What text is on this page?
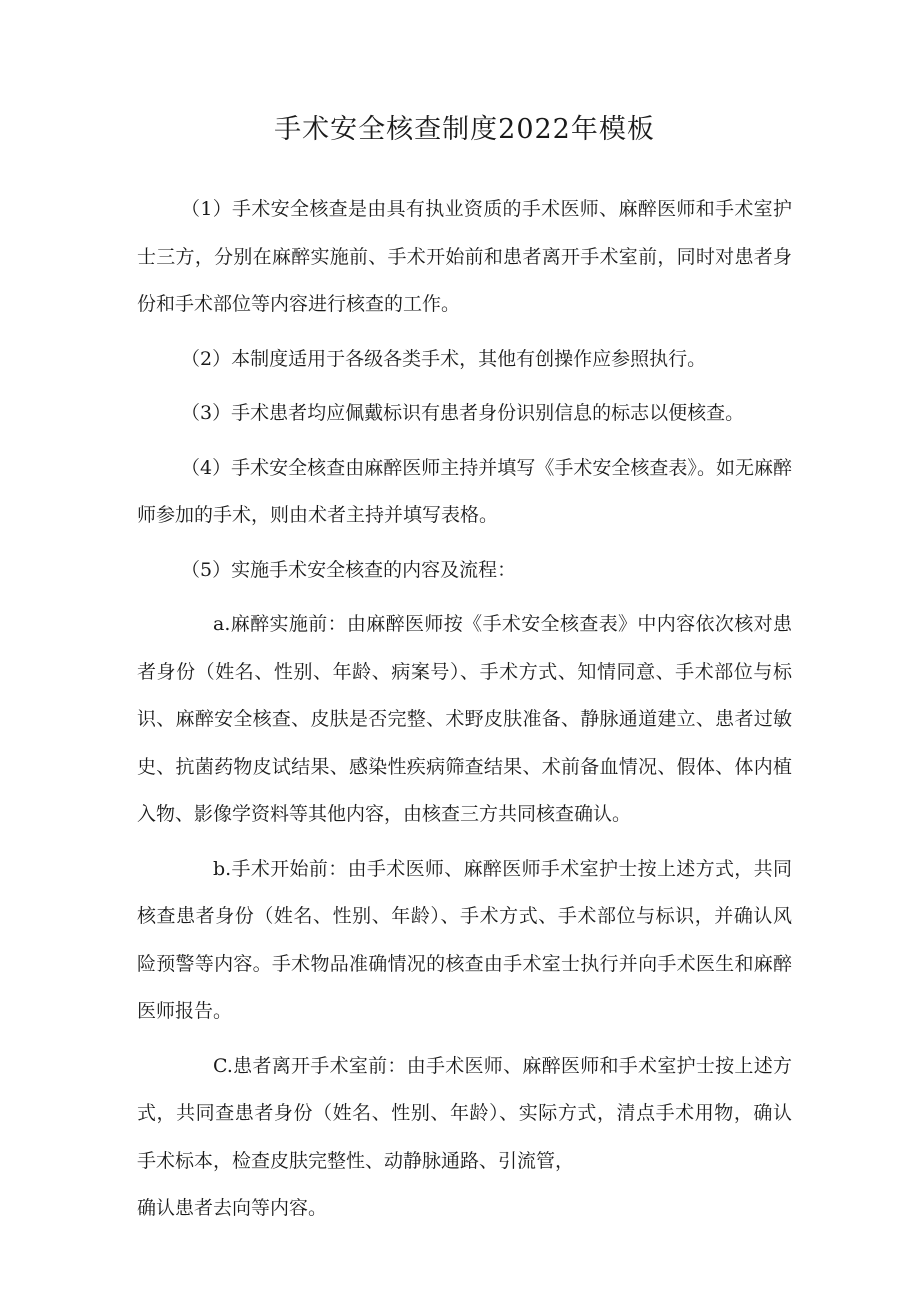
手术安全核查制度2022年模板

（1）手术安全核查是由具有执业资质的手术医师、麻醉医师和手术室护士三方，分别在麻醉实施前、手术开始前和患者离开手术室前，同时对患者身份和手术部位等内容进行核查的工作。

（2）本制度适用于各级各类手术，其他有创操作应参照执行。

（3）手术患者均应佩戴标识有患者身份识别信息的标志以便核查。

（4）手术安全核查由麻醉医师主持并填写《手术安全核查表》。如无麻醉师参加的手术，则由术者主持并填写表格。

（5）实施手术安全核查的内容及流程：

a.麻醉实施前：由麻醉医师按《手术安全核查表》中内容依次核对患者身份（姓名、性别、年龄、病案号）、手术方式、知情同意、手术部位与标识、麻醉安全核查、皮肤是否完整、术野皮肤准备、静脉通道建立、患者过敏史、抗菌药物皮试结果、感染性疾病筛查结果、术前备血情况、假体、体内植入物、影像学资料等其他内容，由核查三方共同核查确认。

b.手术开始前：由手术医师、麻醉医师手术室护士按上述方式，共同核查患者身份（姓名、性别、年龄）、手术方式、手术部位与标识，并确认风险预警等内容。手术物品准确情况的核查由手术室士执行并向手术医生和麻醉医师报告。

C.患者离开手术室前：由手术医师、麻醉医师和手术室护士按上述方式，共同查患者身份（姓名、性别、年龄）、实际方式，清点手术用物，确认手术标本，检查皮肤完整性、动静脉通路、引流管，

确认患者去向等内容。
